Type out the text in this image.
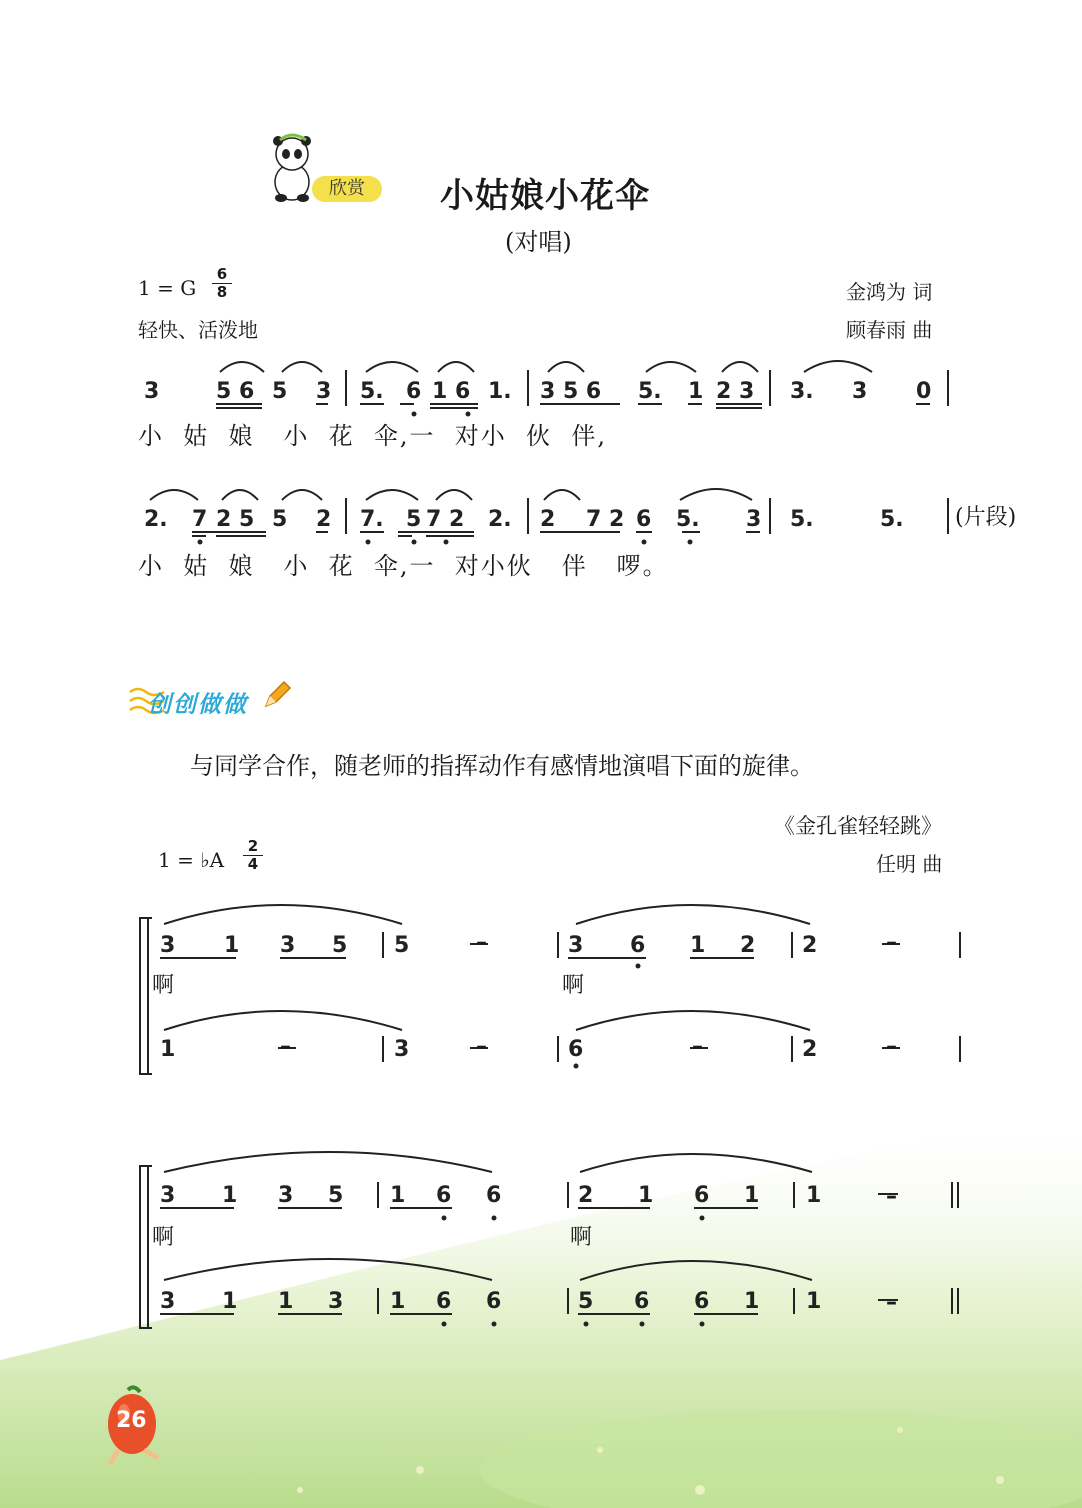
欣赏	小姑娘小花伞
(对唱)
1 = G
6
8
轻快、活泼地
金鸿为 词
顾春雨 曲
3	5 6 5 3 5. 6 1 6 1. 3 5 6 5. 1 2 3 3. 3 0
小  姑  娘   小  花  伞,一  对小  伙  伴,
2. 7 2 5 5 2 7. 5 7 2 2. 2 7 2 6 5. 3 5.	5. (片段)
小  姑  娘   小  花  伞,一  对小伙   伴   啰。
创创做做
与同学合作，随老师的指挥动作有感情地演唱下面的旋律。
《金孔雀轻轻跳》
1 = ♭A
2
4	任明 曲
3 1 3 5 5	3 6 1 2 2
1	3	6	2
啊	啊
3 1 3 5 1 6 6	2 1 6 1 1
3 1 1 3 1 6 6	5 6 6 1 1
啊	啊
–	–
–	–	–	–
–
–
26
